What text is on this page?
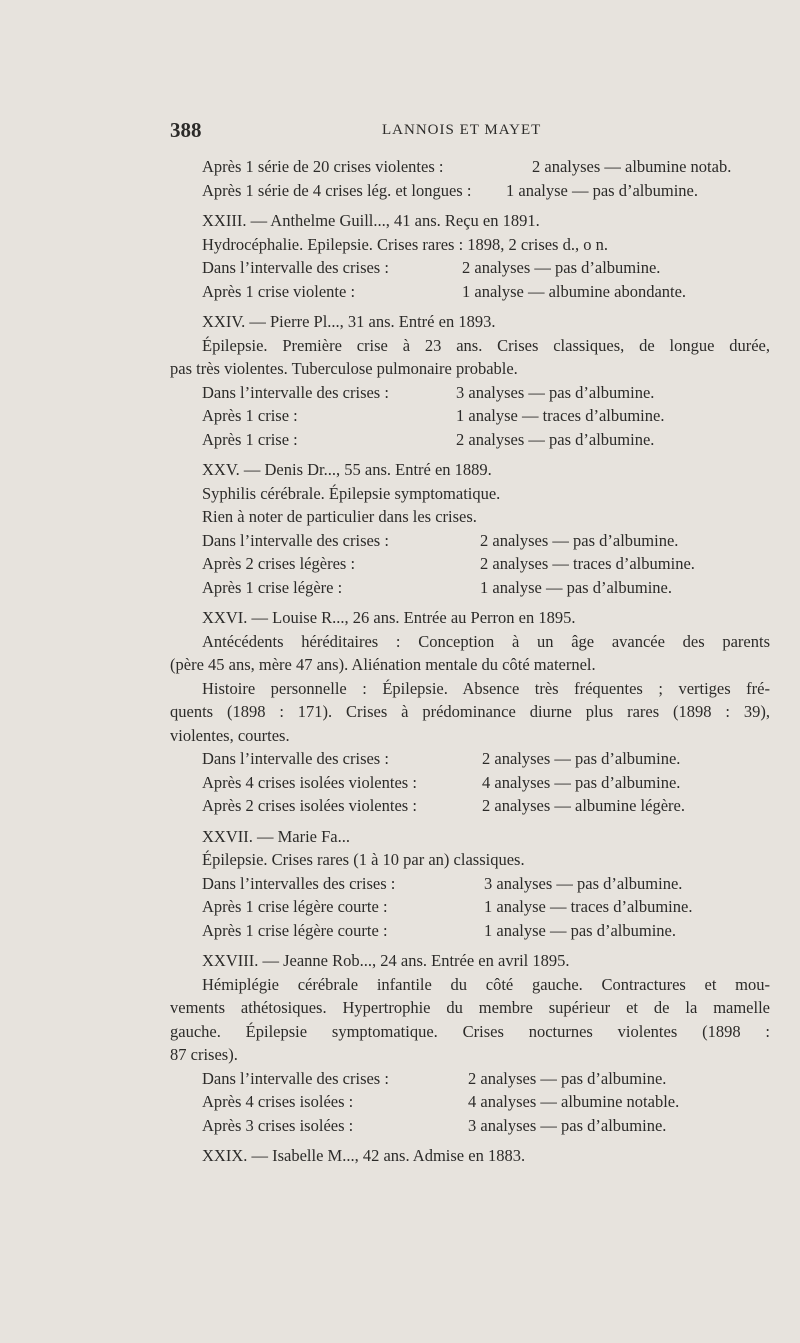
388	LANNOIS ET MAYET
Après 1 série de 20 crises violentes :	2 analyses — albumine notab.
Après 1 série de 4 crises lég. et longues : 1 analyse — pas d’albumine.
XXIII. — Anthelme Guill..., 41 ans. Reçu en 1891.
Hydrocéphalie. Epilepsie. Crises rares : 1898, 2 crises d., o n.
Dans l’intervalle des crises :	2 analyses — pas d’albumine.
Après 1 crise violente :	1 analyse — albumine abondante.
XXIV. — Pierre Pl..., 31 ans. Entré en 1893.
Épilepsie. Première crise à 23 ans. Crises classiques, de longue durée,
pas très violentes. Tuberculose pulmonaire probable.
Dans l’intervalle des crises :	3 analyses — pas d’albumine.
Après 1 crise :	1 analyse — traces d’albumine.
Après 1 crise :	2 analyses — pas d’albumine.
XXV. — Denis Dr..., 55 ans. Entré en 1889.
Syphilis cérébrale. Épilepsie symptomatique.
Rien à noter de particulier dans les crises.
Dans l’intervalle des crises :	2 analyses — pas d’albumine.
Après 2 crises légères :	2 analyses — traces d’albumine.
Après 1 crise légère :	1 analyse — pas d’albumine.
XXVI. — Louise R..., 26 ans. Entrée au Perron en 1895.
Antécédents héréditaires : Conception à un âge avancée des parents
(père 45 ans, mère 47 ans). Aliénation mentale du côté maternel.
Histoire personnelle : Épilepsie. Absence très fréquentes ; vertiges fré-
quents (1898 : 171). Crises à prédominance diurne plus rares (1898 : 39),
violentes, courtes.
Dans l’intervalle des crises :	2 analyses — pas d’albumine.
Après 4 crises isolées violentes :	4 analyses — pas d’albumine.
Après 2 crises isolées violentes :	2 analyses — albumine légère.
XXVII. — Marie Fa...
Épilepsie. Crises rares (1 à 10 par an) classiques.
Dans l’intervalles des crises :	3 analyses — pas d’albumine.
Après 1 crise légère courte :	1 analyse — traces d’albumine.
Après 1 crise légère courte :	1 analyse — pas d’albumine.
XXVIII. — Jeanne Rob..., 24 ans. Entrée en avril 1895.
Hémiplégie cérébrale infantile du côté gauche. Contractures et mou-
vements athétosiques. Hypertrophie du membre supérieur et de la mamelle
gauche. Épilepsie symptomatique. Crises nocturnes violentes (1898 :
87 crises).
Dans l’intervalle des crises :	2 analyses — pas d’albumine.
Après 4 crises isolées :	4 analyses — albumine notable.
Après 3 crises isolées :	3 analyses — pas d’albumine.
XXIX. — Isabelle M..., 42 ans. Admise en 1883.
